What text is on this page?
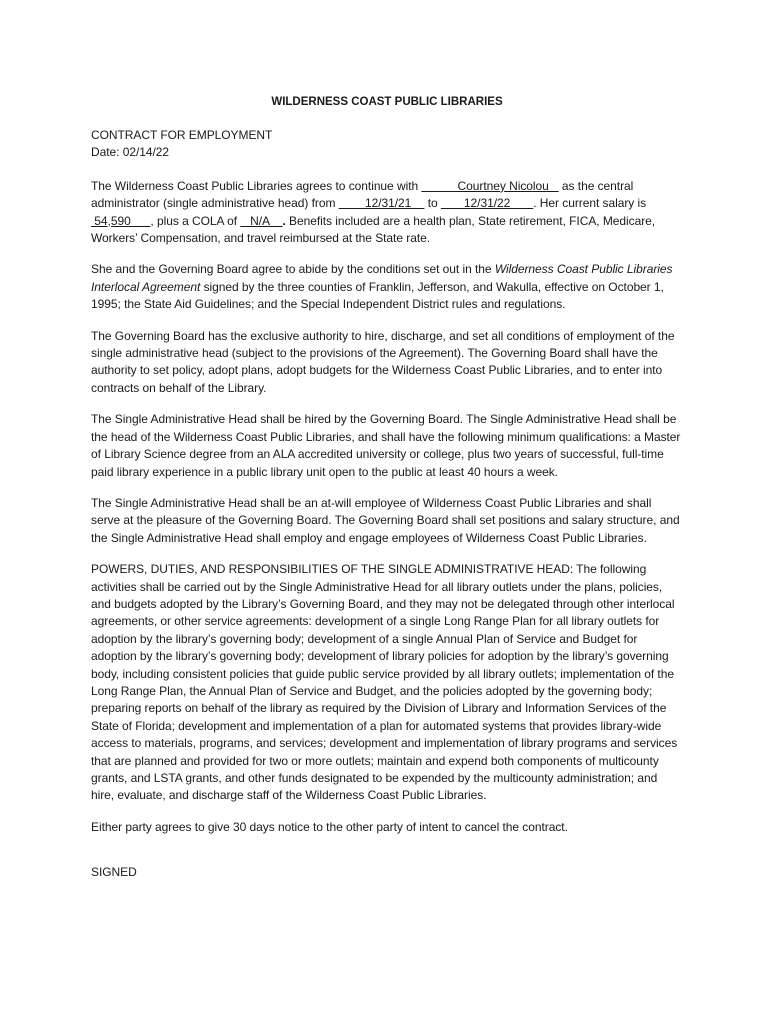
WILDERNESS COAST PUBLIC LIBRARIES

CONTRACT FOR EMPLOYMENT
Date: 02/14/22

The Wilderness Coast Public Libraries agrees to continue with            Courtney Nicolou    as the central administrator (single administrative head) from         12/31/21     to        12/31/22       . Her current salary is  54,590      , plus a COLA of    N/A    . Benefits included are a health plan, State retirement, FICA, Medicare, Workers’ Compensation, and travel reimbursed at the State rate.

She and the Governing Board agree to abide by the conditions set out in the Wilderness Coast Public Libraries Interlocal Agreement signed by the three counties of Franklin, Jefferson, and Wakulla, effective on October 1, 1995; the State Aid Guidelines; and the Special Independent District rules and regulations.

The Governing Board has the exclusive authority to hire, discharge, and set all conditions of employment of the single administrative head (subject to the provisions of the Agreement). The Governing Board shall have the authority to set policy, adopt plans, adopt budgets for the Wilderness Coast Public Libraries, and to enter into contracts on behalf of the Library.

The Single Administrative Head shall be hired by the Governing Board. The Single Administrative Head shall be the head of the Wilderness Coast Public Libraries, and shall have the following minimum qualifications: a Master of Library Science degree from an ALA accredited university or college, plus two years of successful, full-time paid library experience in a public library unit open to the public at least 40 hours a week.

The Single Administrative Head shall be an at-will employee of Wilderness Coast Public Libraries and shall serve at the pleasure of the Governing Board. The Governing Board shall set positions and salary structure, and the Single Administrative Head shall employ and engage employees of Wilderness Coast Public Libraries.

POWERS, DUTIES, AND RESPONSIBILITIES OF THE SINGLE ADMINISTRATIVE HEAD: The following activities shall be carried out by the Single Administrative Head for all library outlets under the plans, policies, and budgets adopted by the Library’s Governing Board, and they may not be delegated through other interlocal agreements, or other service agreements: development of a single Long Range Plan for all library outlets for adoption by the library’s governing body; development of a single Annual Plan of Service and Budget for adoption by the library’s governing body; development of library policies for adoption by the library’s governing body, including consistent policies that guide public service provided by all library outlets; implementation of the Long Range Plan, the Annual Plan of Service and Budget, and the policies adopted by the governing body; preparing reports on behalf of the library as required by the Division of Library and Information Services of the State of Florida; development and implementation of a plan for automated systems that provides library-wide access to materials, programs, and services; development and implementation of library programs and services that are planned and provided for two or more outlets; maintain and expend both components of multicounty grants, and LSTA grants, and other funds designated to be expended by the multicounty administration; and hire, evaluate, and discharge staff of the Wilderness Coast Public Libraries.

Either party agrees to give 30 days notice to the other party of intent to cancel the contract.

SIGNED
